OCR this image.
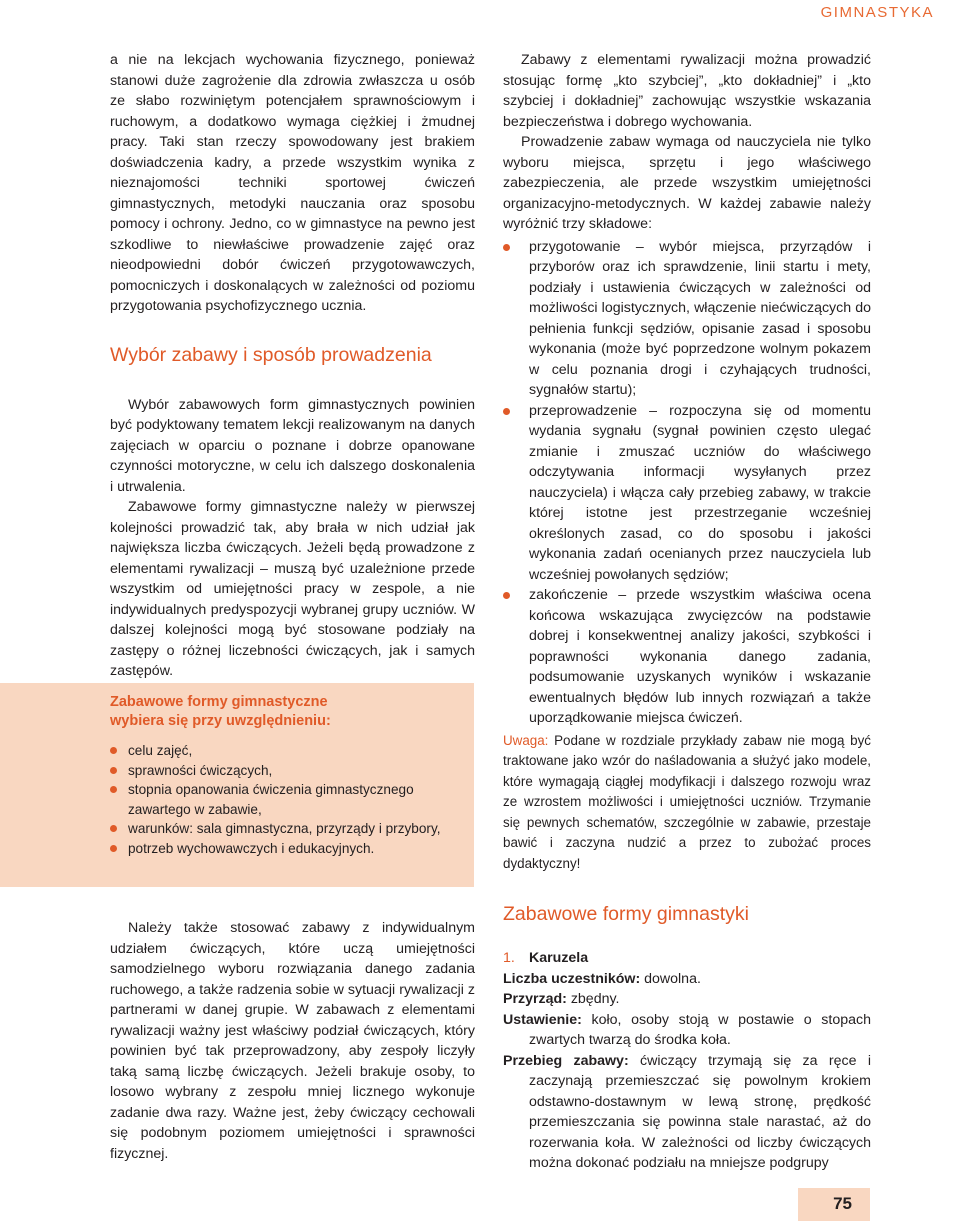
GIMNASTYKA

a nie na lekcjach wychowania fizycznego, ponieważ stanowi duże zagrożenie dla zdrowia zwłaszcza u osób ze słabo rozwiniętym potencjałem sprawnościowym i ruchowym, a dodatkowo wymaga ciężkiej i żmudnej pracy. Taki stan rzeczy spowodowany jest brakiem doświadczenia kadry, a przede wszystkim wynika z nieznajomości techniki sportowej ćwiczeń gimnastycznych, metodyki nauczania oraz sposobu pomocy i ochrony. Jedno, co w gimnastyce na pewno jest szkodliwe to niewłaściwe prowadzenie zajęć oraz nieodpowiedni dobór ćwiczeń przygotowawczych, pomocniczych i doskonalących w zależności od poziomu przygotowania psychofizycznego ucznia.

Wybór zabawy i sposób prowadzenia

Wybór zabawowych form gimnastycznych powinien być podyktowany tematem lekcji realizowanym na danych zajęciach w oparciu o poznane i dobrze opanowane czynności motoryczne, w celu ich dalszego doskonalenia i utrwalenia.

Zabawowe formy gimnastyczne należy w pierwszej kolejności prowadzić tak, aby brała w nich udział jak największa liczba ćwiczących. Jeżeli będą prowadzone z elementami rywalizacji – muszą być uzależnione przede wszystkim od umiejętności pracy w zespole, a nie indywidualnych predyspozycji wybranej grupy uczniów. W dalszej kolejności mogą być stosowane podziały na zastępy o różnej liczebności ćwiczących, jak i samych zastępów.

Zabawowe formy gimnastyczne
wybiera się przy uwzględnieniu:
celu zajęć,
sprawności ćwiczących,
stopnia opanowania ćwiczenia gimnastycznego zawartego w zabawie,
warunków: sala gimnastyczna, przyrządy i przybory,
potrzeb wychowawczych i edukacyjnych.

Należy także stosować zabawy z indywidualnym udziałem ćwiczących, które uczą umiejętności samodzielnego wyboru rozwiązania danego zadania ruchowego, a także radzenia sobie w sytuacji rywalizacji z partnerami w danej grupie. W zabawach z elementami rywalizacji ważny jest właściwy podział ćwiczących, który powinien być tak przeprowadzony, aby zespoły liczyły taką samą liczbę ćwiczących. Jeżeli brakuje osoby, to losowo wybrany z zespołu mniej licznego wykonuje zadanie dwa razy. Ważne jest, żeby ćwiczący cechowali się podobnym poziomem umiejętności i sprawności fizycznej.

Zabawy z elementami rywalizacji można prowadzić stosując formę „kto szybciej”, „kto dokładniej” i „kto szybciej i dokładniej” zachowując wszystkie wskazania bezpieczeństwa i dobrego wychowania.

Prowadzenie zabaw wymaga od nauczyciela nie tylko wyboru miejsca, sprzętu i jego właściwego zabezpieczenia, ale przede wszystkim umiejętności organizacyjno-metodycznych. W każdej zabawie należy wyróżnić trzy składowe:

przygotowanie – wybór miejsca, przyrządów i przyborów oraz ich sprawdzenie, linii startu i mety, podziały i ustawienia ćwiczących w zależności od możliwości logistycznych, włączenie niećwiczących do pełnienia funkcji sędziów, opisanie zasad i sposobu wykonania (może być poprzedzone wolnym pokazem w celu poznania drogi i czyhających trudności, sygnałów startu);
przeprowadzenie – rozpoczyna się od momentu wydania sygnału (sygnał powinien często ulegać zmianie i zmuszać uczniów do właściwego odczytywania informacji wysyłanych przez nauczyciela) i włącza cały przebieg zabawy, w trakcie której istotne jest przestrzeganie wcześniej określonych zasad, co do sposobu i jakości wykonania zadań ocenianych przez nauczyciela lub wcześniej powołanych sędziów;
zakończenie – przede wszystkim właściwa ocena końcowa wskazująca zwycięzców na podstawie dobrej i konsekwentnej analizy jakości, szybkości i poprawności wykonania danego zadania, podsumowanie uzyskanych wyników i wskazanie ewentualnych błędów lub innych rozwiązań a także uporządkowanie miejsca ćwiczeń.

Uwaga: Podane w rozdziale przykłady zabaw nie mogą być traktowane jako wzór do naśladowania a służyć jako modele, które wymagają ciągłej modyfikacji i dalszego rozwoju wraz ze wzrostem możliwości i umiejętności uczniów. Trzymanie się pewnych schematów, szczególnie w zabawie, przestaje bawić i zaczyna nudzić a przez to zubożać proces dydaktyczny!

Zabawowe formy gimnastyki
1. Karuzela
Liczba uczestników: dowolna.
Przyrząd: zbędny.
Ustawienie: koło, osoby stoją w postawie o stopach zwartych twarzą do środka koła.
Przebieg zabawy: ćwiczący trzymają się za ręce i zaczynają przemieszczać się powolnym krokiem odstawno-dostawnym w lewą stronę, prędkość przemieszczania się powinna stale narastać, aż do rozerwania koła. W zależności od liczby ćwiczących można dokonać podziału na mniejsze podgrupy
75
